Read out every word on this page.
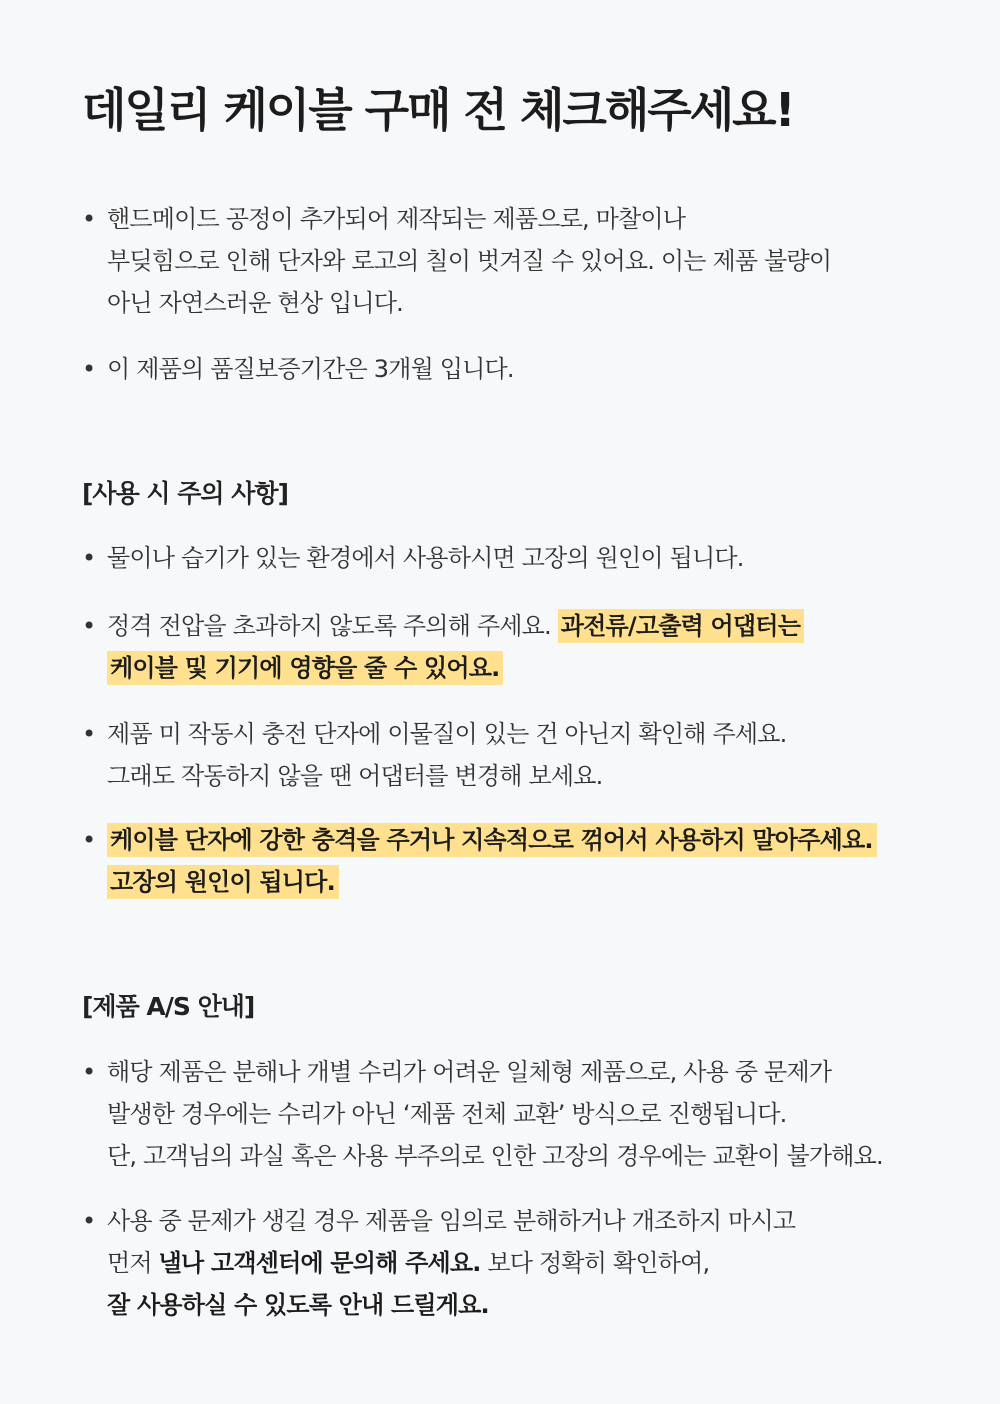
데일리 케이블 구매 전 체크해주세요!
• 핸드메이드 공정이 추가되어 제작되는 제품으로, 마찰이나
부딪힘으로 인해 단자와 로고의 칠이 벗겨질 수 있어요. 이는 제품 불량이
아닌 자연스러운 현상 입니다.
• 이 제품의 품질보증기간은 3개월 입니다.
[사용 시 주의 사항]
• 물이나 습기가 있는 환경에서 사용하시면 고장의 원인이 됩니다.
• 정격 전압을 초과하지 않도록 주의해 주세요. 과전류/고출력 어댑터는
케이블 및 기기에 영향을 줄 수 있어요.
• 제품 미 작동시 충전 단자에 이물질이 있는 건 아닌지 확인해 주세요.
그래도 작동하지 않을 땐 어댑터를 변경해 보세요.
• 케이블 단자에 강한 충격을 주거나 지속적으로 꺾어서 사용하지 말아주세요.
고장의 원인이 됩니다.
[제품 A/S 안내]
• 해당 제품은 분해나 개별 수리가 어려운 일체형 제품으로, 사용 중 문제가
발생한 경우에는 수리가 아닌 ‘제품 전체 교환’ 방식으로 진행됩니다.
단, 고객님의 과실 혹은 사용 부주의로 인한 고장의 경우에는 교환이 불가해요.
• 사용 중 문제가 생길 경우 제품을 임의로 분해하거나 개조하지 마시고
먼저 낼나 고객센터에 문의해 주세요. 보다 정확히 확인하여,
잘 사용하실 수 있도록 안내 드릴게요.
